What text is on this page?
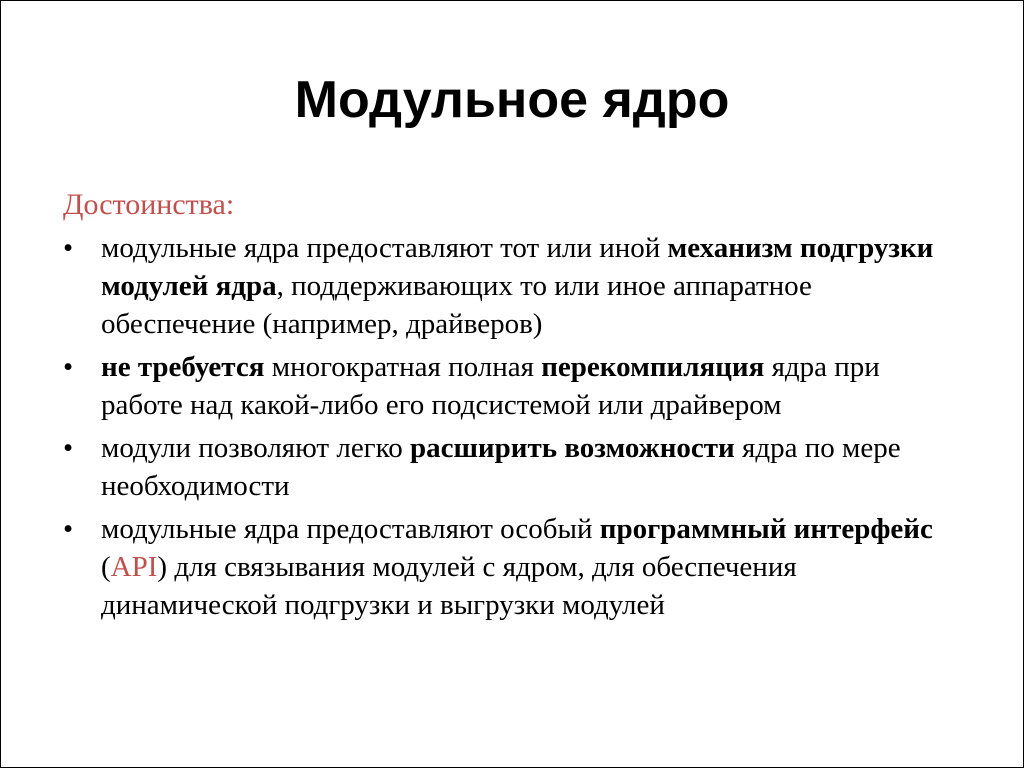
Модульное ядро

Достоинства:

• модульные ядра предоставляют тот или иной механизм подгрузки модулей ядра, поддерживающих то или иное аппаратное обеспечение (например, драйверов)
• не требуется многократная полная перекомпиляция ядра при работе над какой-либо его подсистемой или драйвером
• модули позволяют легко расширить возможности ядра по мере необходимости
• модульные ядра предоставляют особый программный интерфейс (API) для связывания модулей с ядром, для обеспечения динамической подгрузки и выгрузки модулей
